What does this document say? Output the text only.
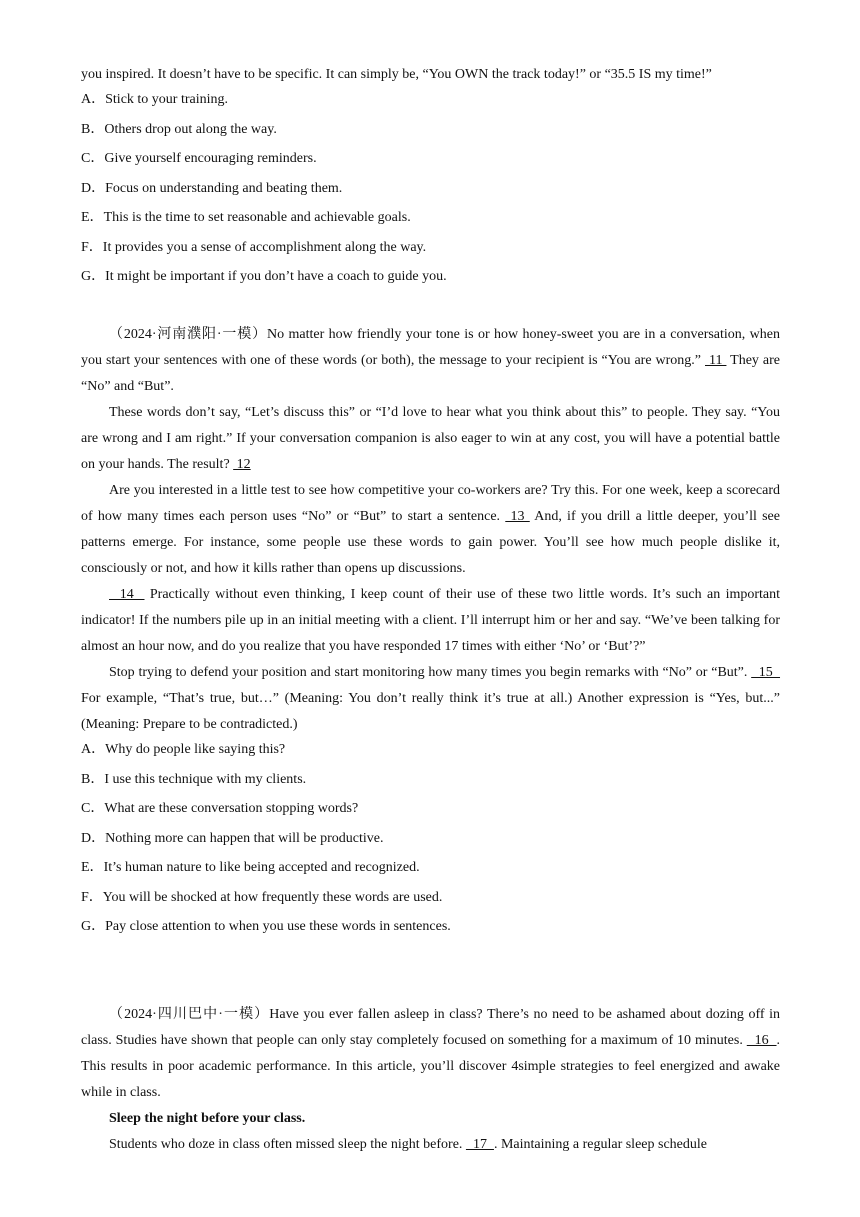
you inspired. It doesn’t have to be specific. It can simply be, “You OWN the track today!” or “35.5 IS my time!”

A．Stick to your training.
B．Others drop out along the way.
C．Give yourself encouraging reminders.
D．Focus on understanding and beating them.
E．This is the time to set reasonable and achievable goals.
F．It provides you a sense of accomplishment along the way.
G．It might be important if you don’t have a coach to guide you.

（2024·河南濮阳·一模）No matter how friendly your tone is or how honey-sweet you are in a conversation, when you start your sentences with one of these words (or both), the message to your recipient is “You are wrong.”  11  They are “No” and “But”.

These words don’t say, “Let’s discuss this” or “I’d love to hear what you think about this” to people. They say. “You are wrong and I am right.” If your conversation companion is also eager to win at any cost, you will have a potential battle on your hands. The result?  12

Are you interested in a little test to see how competitive your co-workers are? Try this. For one week, keep a scorecard of how many times each person uses “No” or “But” to start a sentence.  13  And, if you drill a little deeper, you’ll see patterns emerge. For instance, some people use these words to gain power. You’ll see how much people dislike it, consciously or not, and how it kills rather than opens up discussions.

14   Practically without even thinking, I keep count of their use of these two little words. It’s such an important indicator! If the numbers pile up in an initial meeting with a client. I’ll interrupt him or her and say. “We’ve been talking for almost an hour now, and do you realize that you have responded 17 times with either ‘No’ or ‘But’?”

Stop trying to defend your position and start monitoring how many times you begin remarks with “No” or “But”.   15   For example, “That’s true, but…” (Meaning: You don’t really think it’s true at all.) Another expression is “Yes, but...” (Meaning: Prepare to be contradicted.)

A．Why do people like saying this?
B．I use this technique with my clients.
C．What are these conversation stopping words?
D．Nothing more can happen that will be productive.
E．It’s human nature to like being accepted and recognized.
F．You will be shocked at how frequently these words are used.
G．Pay close attention to when you use these words in sentences.

（2024·四川巴中·一模）Have you ever fallen asleep in class? There’s no need to be ashamed about dozing off in class. Studies have shown that people can only stay completely focused on something for a maximum of 10 minutes.   16  . This results in poor academic performance. In this article, you’ll discover 4simple strategies to feel energized and awake while in class.

Sleep the night before your class.

Students who doze in class often missed sleep the night before.   17  . Maintaining a regular sleep schedule
